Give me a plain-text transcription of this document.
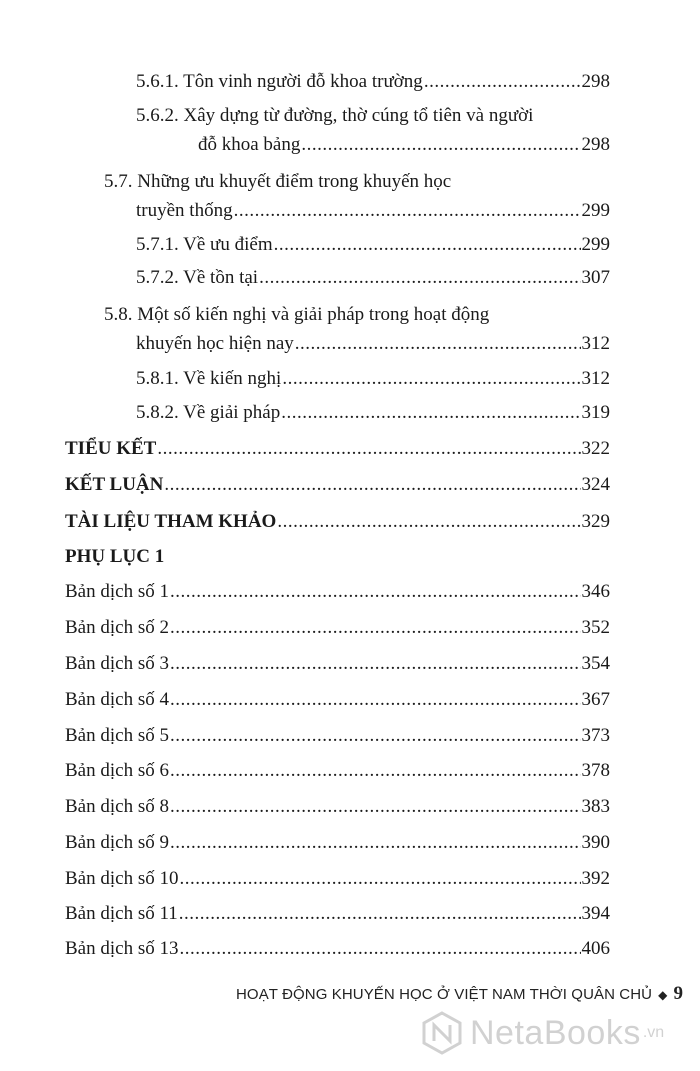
5.6.1. Tôn vinh người đỗ khoa trường .....	298
5.6.2. Xây dựng từ đường, thờ cúng tổ tiên và người
đỗ khoa bảng .....	298
5.7. Những ưu khuyết điểm trong khuyến học
truyền thống .....	299
5.7.1. Về ưu điểm .....	299
5.7.2. Về tồn tại .....	307
5.8. Một số kiến nghị và giải pháp trong hoạt động
khuyến học hiện nay .....	312
5.8.1. Về kiến nghị .....	312
5.8.2. Về giải pháp .....	319
TIỂU KẾT .....	322
KẾT LUẬN .....	324
TÀI LIỆU THAM KHẢO .....	329
PHỤ LỤC 1
Bản dịch số 1 .....	346
Bản dịch số 2 .....	352
Bản dịch số 3 .....	354
Bản dịch số 4 .....	367
Bản dịch số 5 .....	373
Bản dịch số 6 .....	378
Bản dịch số 8 .....	383
Bản dịch số 9 .....	390
Bản dịch số 10 .....	392
Bản dịch số 11 .....	394
Bản dịch số 13 .....	406
HOẠT ĐỘNG KHUYẾN HỌC Ở VIỆT NAM THỜI QUÂN CHỦ ◆ 9
NetaBooks .vn
